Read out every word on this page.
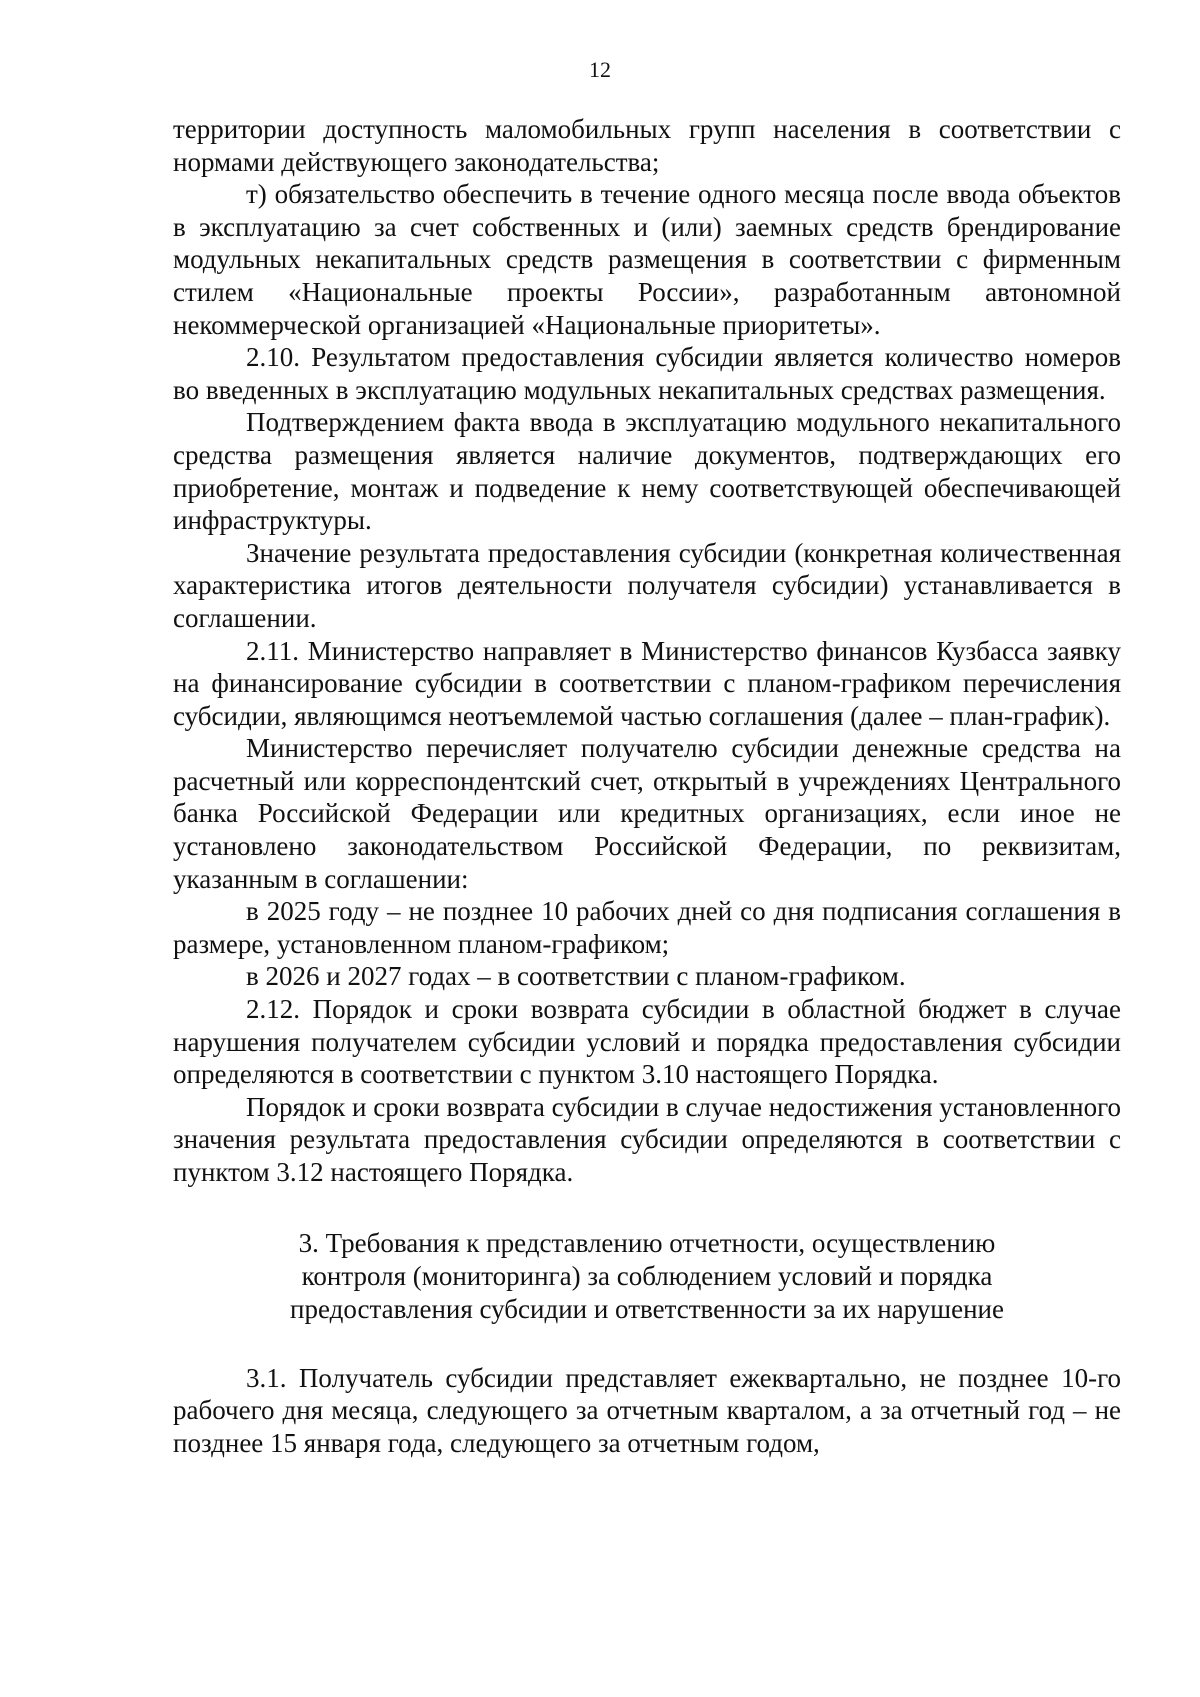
12

территории доступность маломобильных групп населения в соответствии с нормами действующего законодательства;

т) обязательство обеспечить в течение одного месяца после ввода объектов в эксплуатацию за счет собственных и (или) заемных средств брендирование модульных некапитальных средств размещения в соответствии с фирменным стилем «Национальные проекты России», разработанным автономной некоммерческой организацией «Национальные приоритеты».

2.10. Результатом предоставления субсидии является количество номеров во введенных в эксплуатацию модульных некапитальных средствах размещения.

Подтверждением факта ввода в эксплуатацию модульного некапитального средства размещения является наличие документов, подтверждающих его приобретение, монтаж и подведение к нему соответствующей обеспечивающей инфраструктуры.

Значение результата предоставления субсидии (конкретная количественная характеристика итогов деятельности получателя субсидии) устанавливается в соглашении.

2.11. Министерство направляет в Министерство финансов Кузбасса заявку на финансирование субсидии в соответствии с планом-графиком перечисления субсидии, являющимся неотъемлемой частью соглашения (далее – план-график).

Министерство перечисляет получателю субсидии денежные средства на расчетный или корреспондентский счет, открытый в учреждениях Центрального банка Российской Федерации или кредитных организациях, если иное не установлено законодательством Российской Федерации, по реквизитам, указанным в соглашении:

в 2025 году – не позднее 10 рабочих дней со дня подписания соглашения в размере, установленном планом-графиком;

в 2026 и 2027 годах – в соответствии с планом-графиком.

2.12. Порядок и сроки возврата субсидии в областной бюджет в случае нарушения получателем субсидии условий и порядка предоставления субсидии определяются в соответствии с пунктом 3.10 настоящего Порядка.

Порядок и сроки возврата субсидии в случае недостижения установленного значения результата предоставления субсидии определяются в соответствии с пунктом 3.12 настоящего Порядка.

3. Требования к представлению отчетности, осуществлению
контроля (мониторинга) за соблюдением условий и порядка
предоставления субсидии и ответственности за их нарушение

3.1. Получатель субсидии представляет ежеквартально, не позднее 10-го рабочего дня месяца, следующего за отчетным кварталом, а за отчетный год – не позднее 15 января года, следующего за отчетным годом,
